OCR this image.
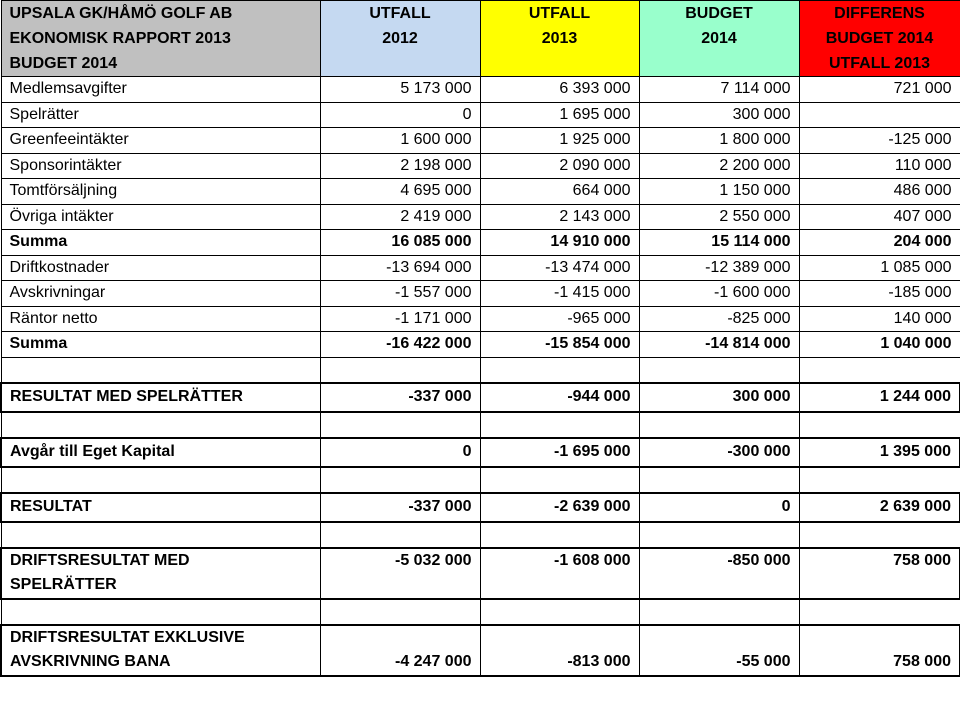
UPSALA GK/HÅMÖ GOLF AB	UTFALL	UTFALL	BUDGET	DIFFERENS
EKONOMISK RAPPORT 2013	2012	2013	2014	BUDGET 2014
BUDGET 2014				UTFALL 2013
Medlemsavgifter	5 173 000	6 393 000	7 114 000	721 000
Spelrätter	0	1 695 000	300 000	
Greenfeeintäkter	1 600 000	1 925 000	1 800 000	-125 000
Sponsorintäkter	2 198 000	2 090 000	2 200 000	110 000
Tomtförsäljning	4 695 000	664 000	1 150 000	486 000
Övriga intäkter	2 419 000	2 143 000	2 550 000	407 000
Summa	16 085 000	14 910 000	15 114 000	204 000
Driftkostnader	-13 694 000	-13 474 000	-12 389 000	1 085 000
Avskrivningar	-1 557 000	-1 415 000	-1 600 000	-185 000
Räntor netto	-1 171 000	-965 000	-825 000	140 000
Summa	-16 422 000	-15 854 000	-14 814 000	1 040 000

RESULTAT MED SPELRÄTTER	-337 000	-944 000	300 000	1 244 000

Avgår till Eget Kapital	0	-1 695 000	-300 000	1 395 000

RESULTAT	-337 000	-2 639 000	0	2 639 000

DRIFTSRESULTAT MED	-5 032 000	-1 608 000	-850 000	758 000
SPELRÄTTER				

DRIFTSRESULTAT EXKLUSIVE				
AVSKRIVNING BANA	-4 247 000	-813 000	-55 000	758 000
